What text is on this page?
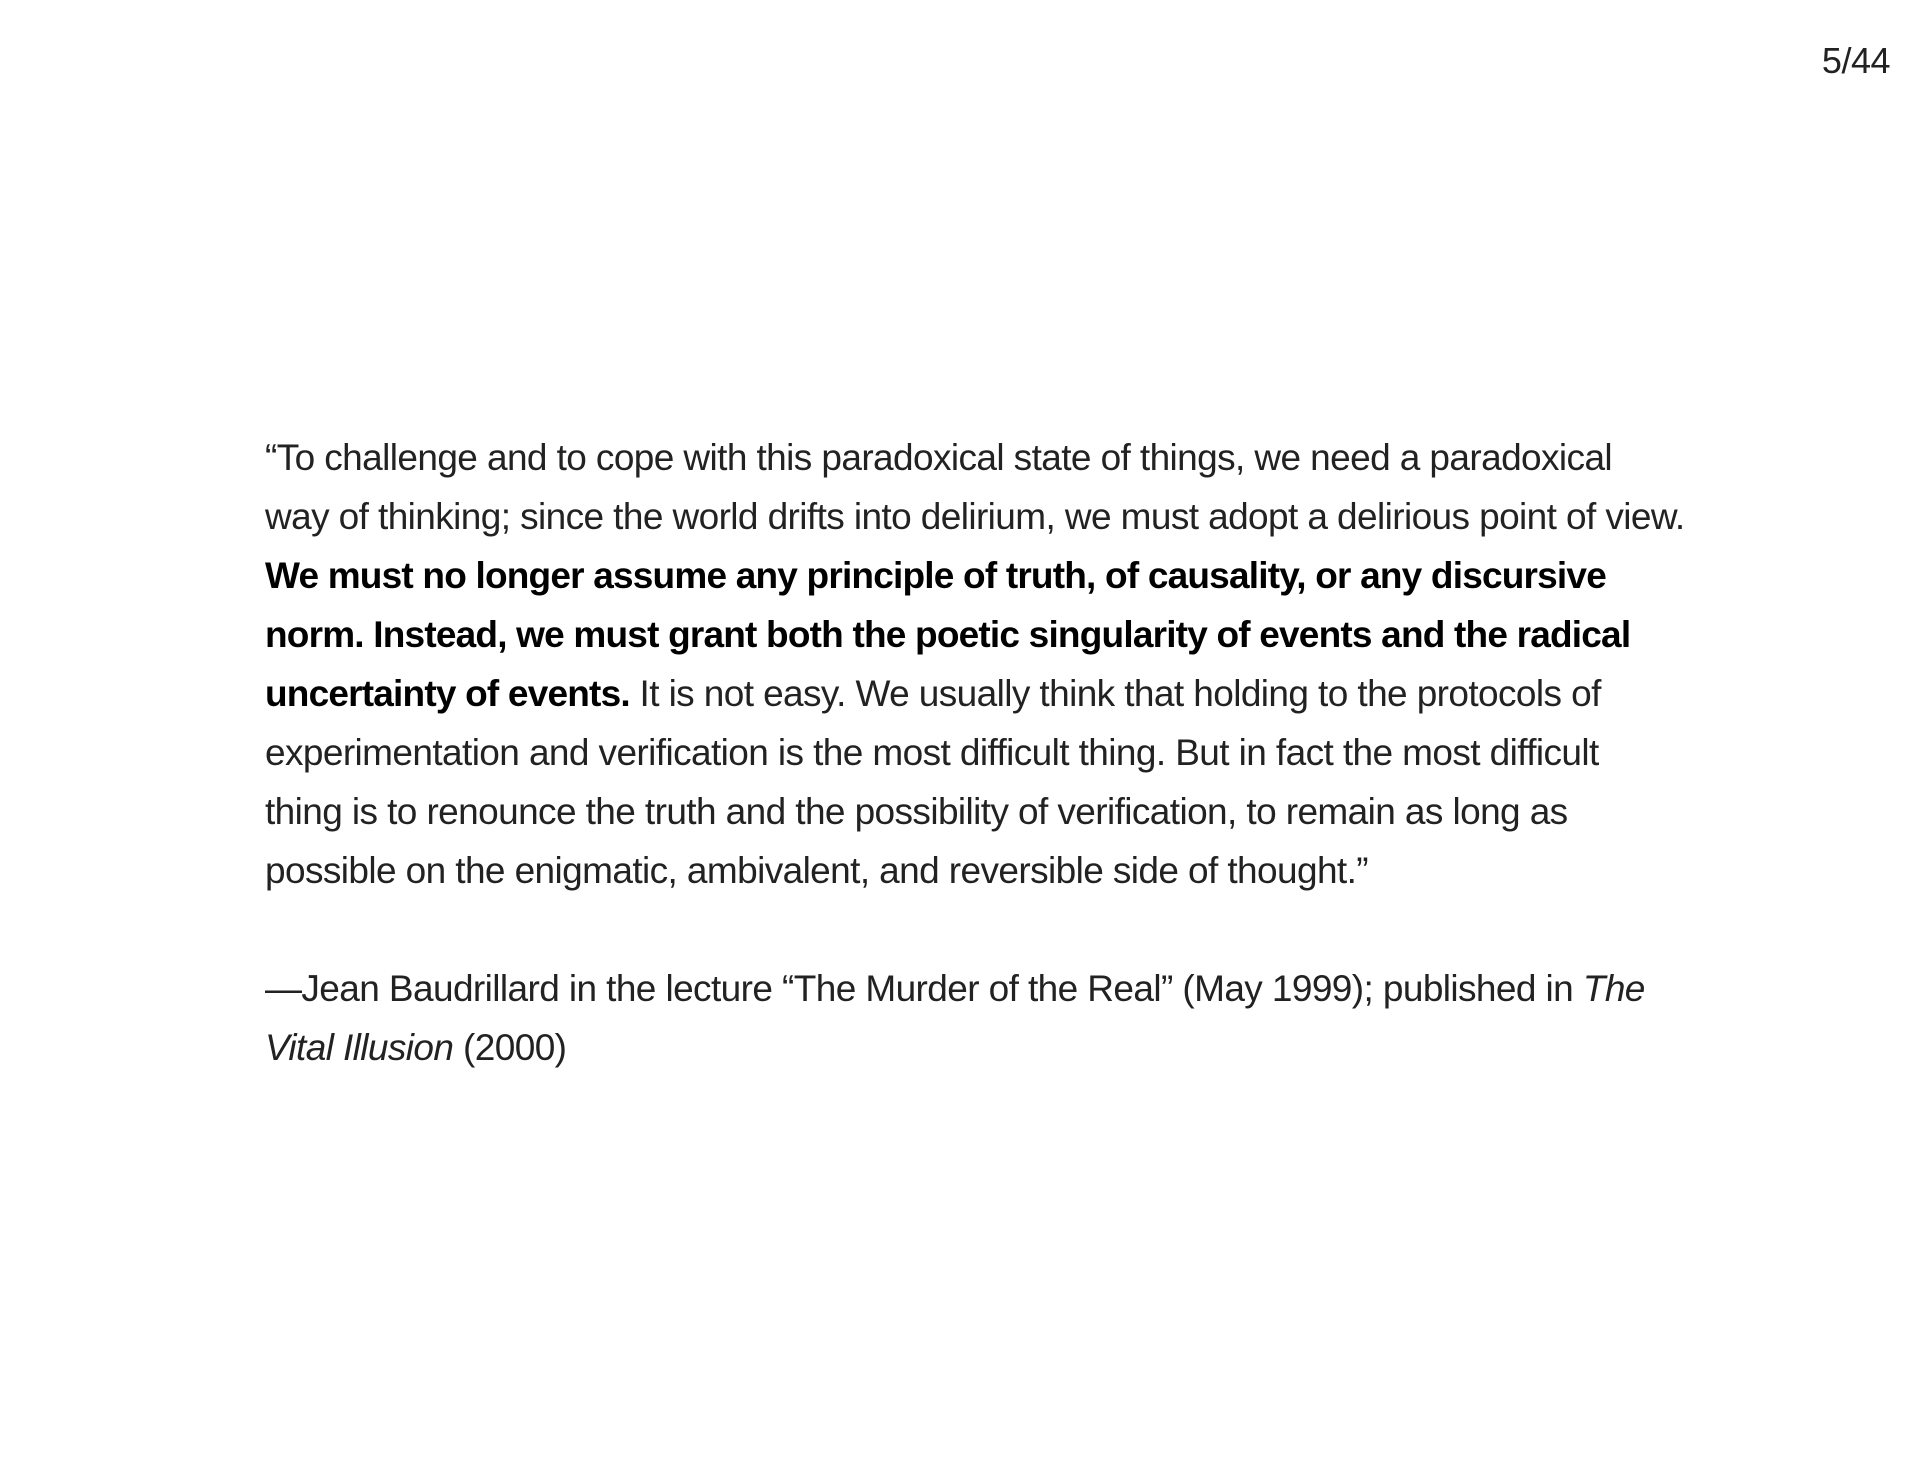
5/44

“To challenge and to cope with this paradoxical state of things, we need a paradoxical way of thinking; since the world drifts into delirium, we must adopt a delirious point of view. We must no longer assume any principle of truth, of causality, or any discursive norm. Instead, we must grant both the poetic singularity of events and the radical uncertainty of events. It is not easy. We usually think that holding to the protocols of experimentation and verification is the most difficult thing. But in fact the most difficult thing is to renounce the truth and the possibility of verification, to remain as long as possible on the enigmatic, ambivalent, and reversible side of thought.”

—Jean Baudrillard in the lecture “The Murder of the Real” (May 1999); published in The Vital Illusion (2000)
